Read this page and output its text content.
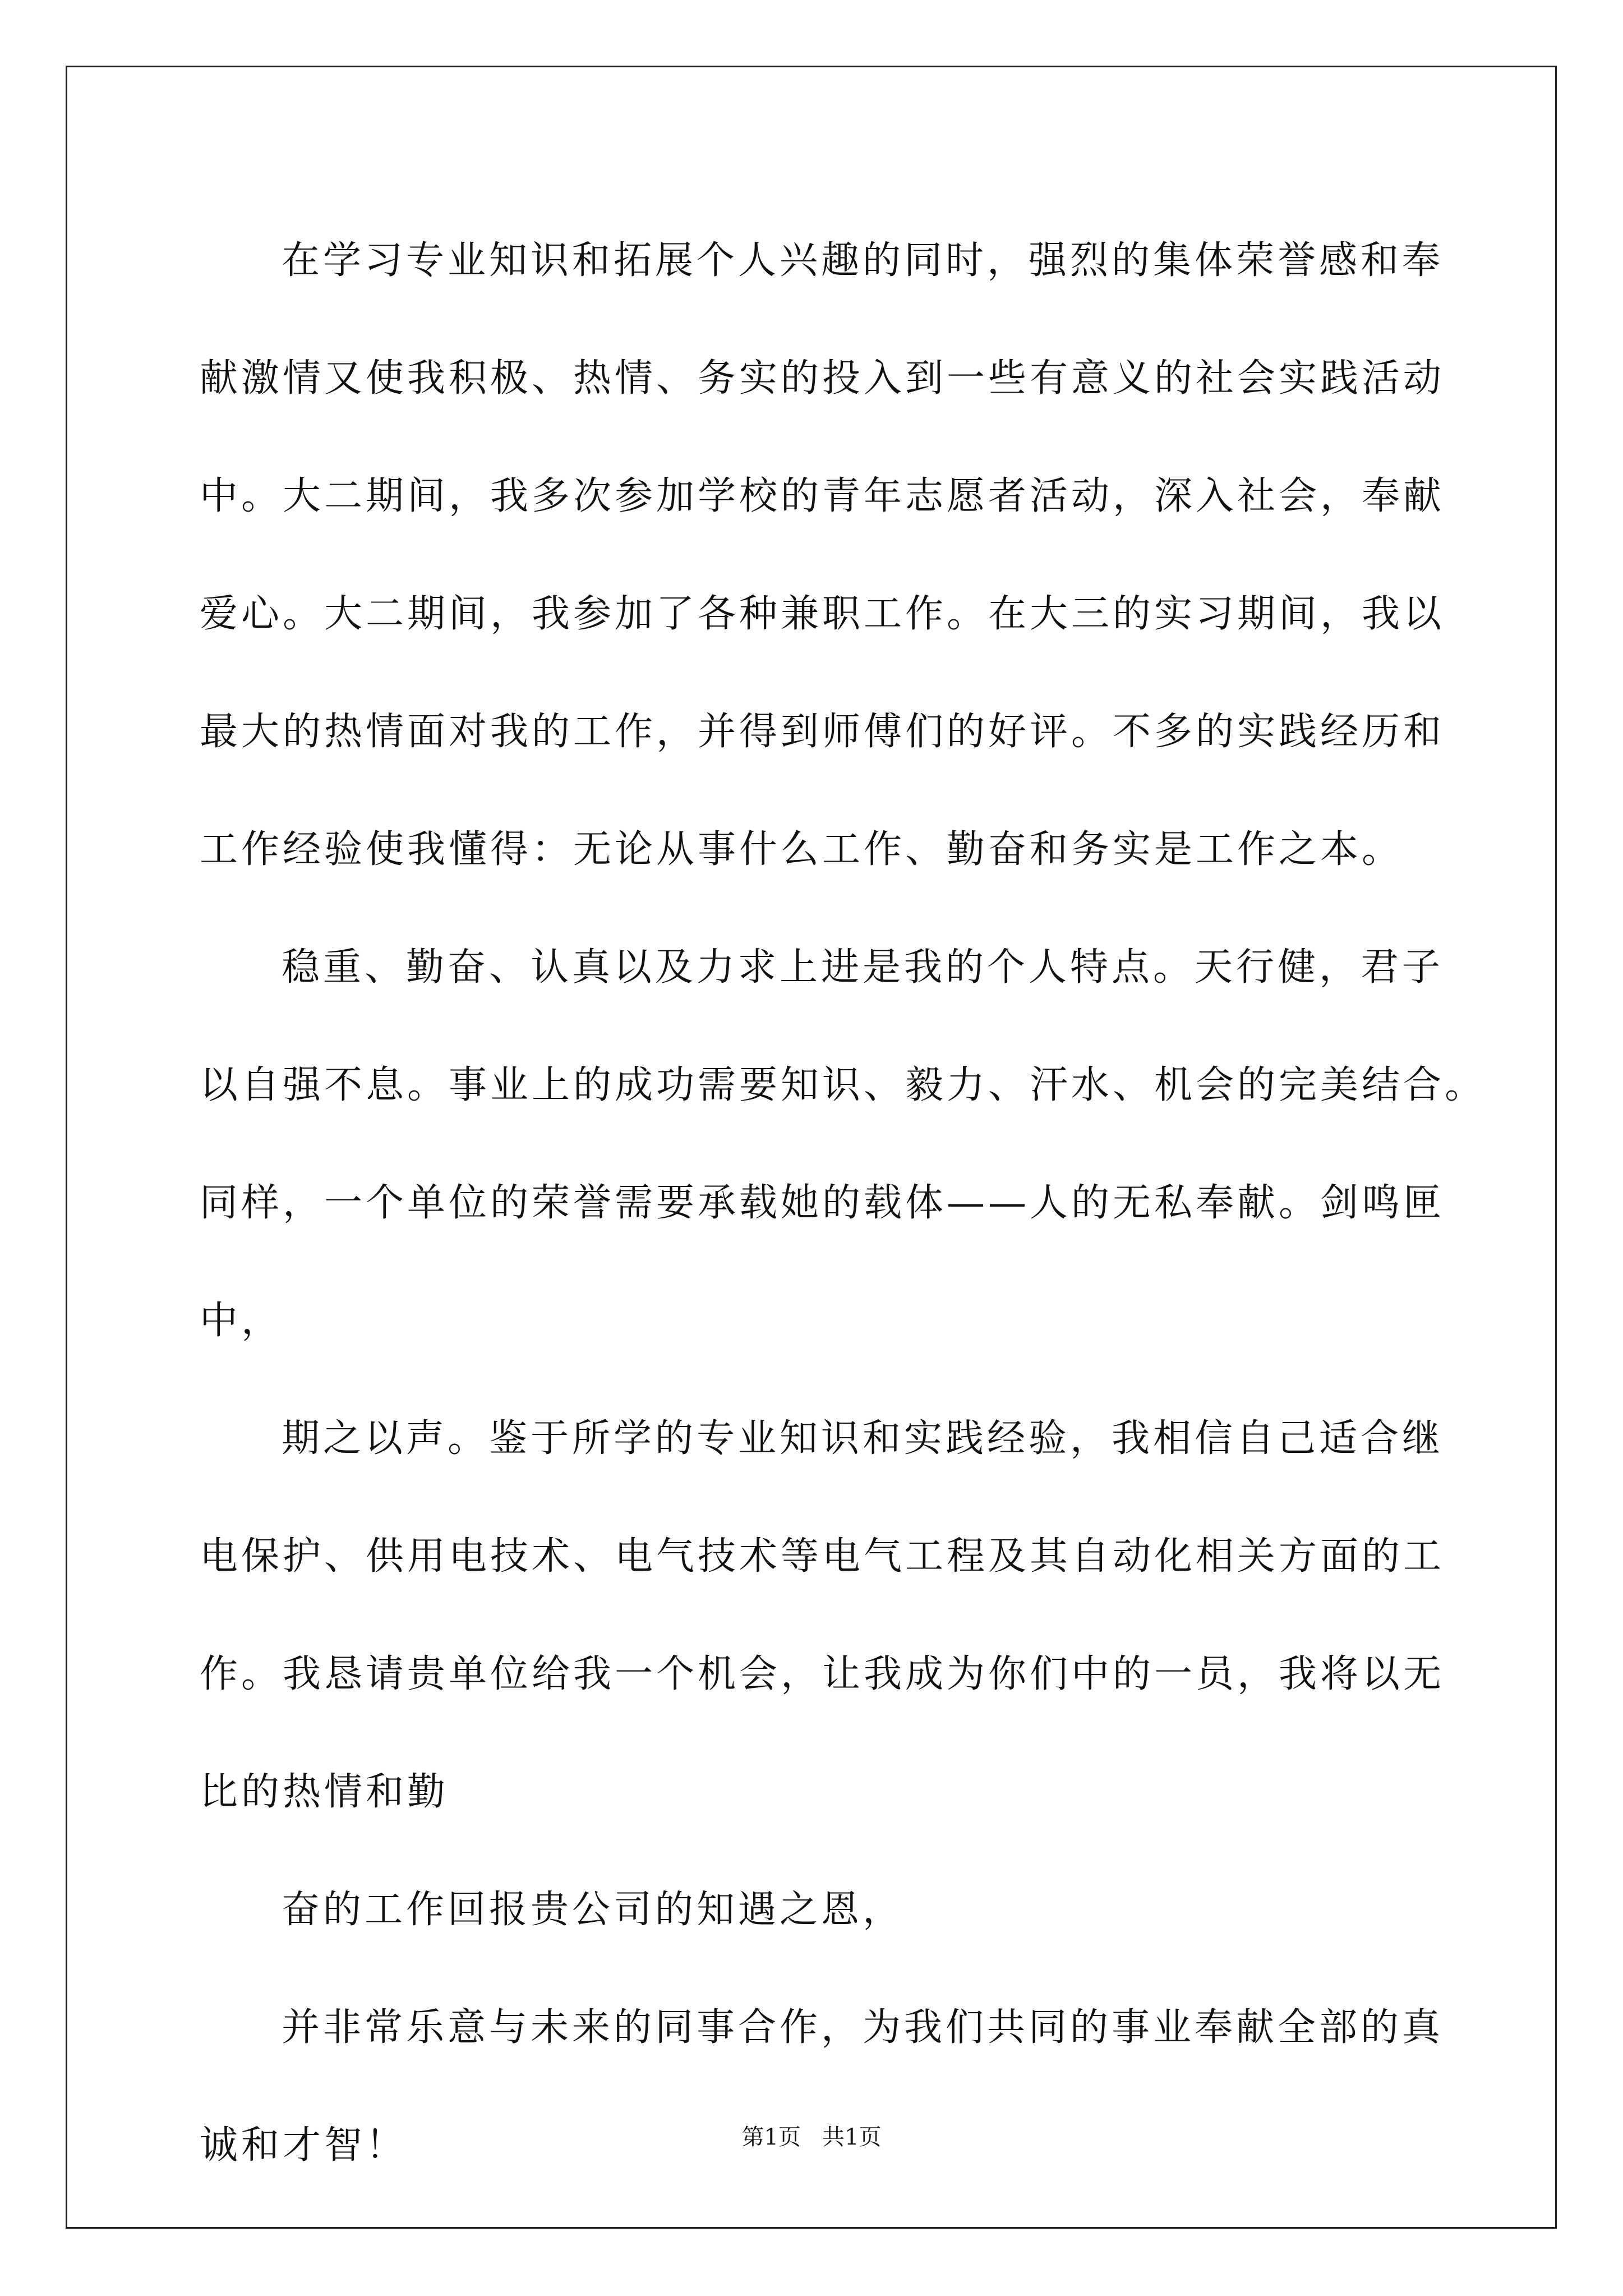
在学习专业知识和拓展个人兴趣的同时，强烈的集体荣誉感和奉
献激情又使我积极、热情、务实的投入到一些有意义的社会实践活动
中。大二期间，我多次参加学校的青年志愿者活动，深入社会，奉献
爱心。大二期间，我参加了各种兼职工作。在大三的实习期间，我以
最大的热情面对我的工作，并得到师傅们的好评。不多的实践经历和
工作经验使我懂得：无论从事什么工作、勤奋和务实是工作之本。
稳重、勤奋、认真以及力求上进是我的个人特点。天行健，君子
以自强不息。事业上的成功需要知识、毅力、汗水、机会的完美结合。
同样，一个单位的荣誉需要承载她的载体——人的无私奉献。剑鸣匣
中，
期之以声。鉴于所学的专业知识和实践经验，我相信自己适合继
电保护、供用电技术、电气技术等电气工程及其自动化相关方面的工
作。我恳请贵单位给我一个机会，让我成为你们中的一员，我将以无
比的热情和勤
奋的工作回报贵公司的知遇之恩，
并非常乐意与未来的同事合作，为我们共同的事业奉献全部的真
诚和才智！	第1页   共1页
